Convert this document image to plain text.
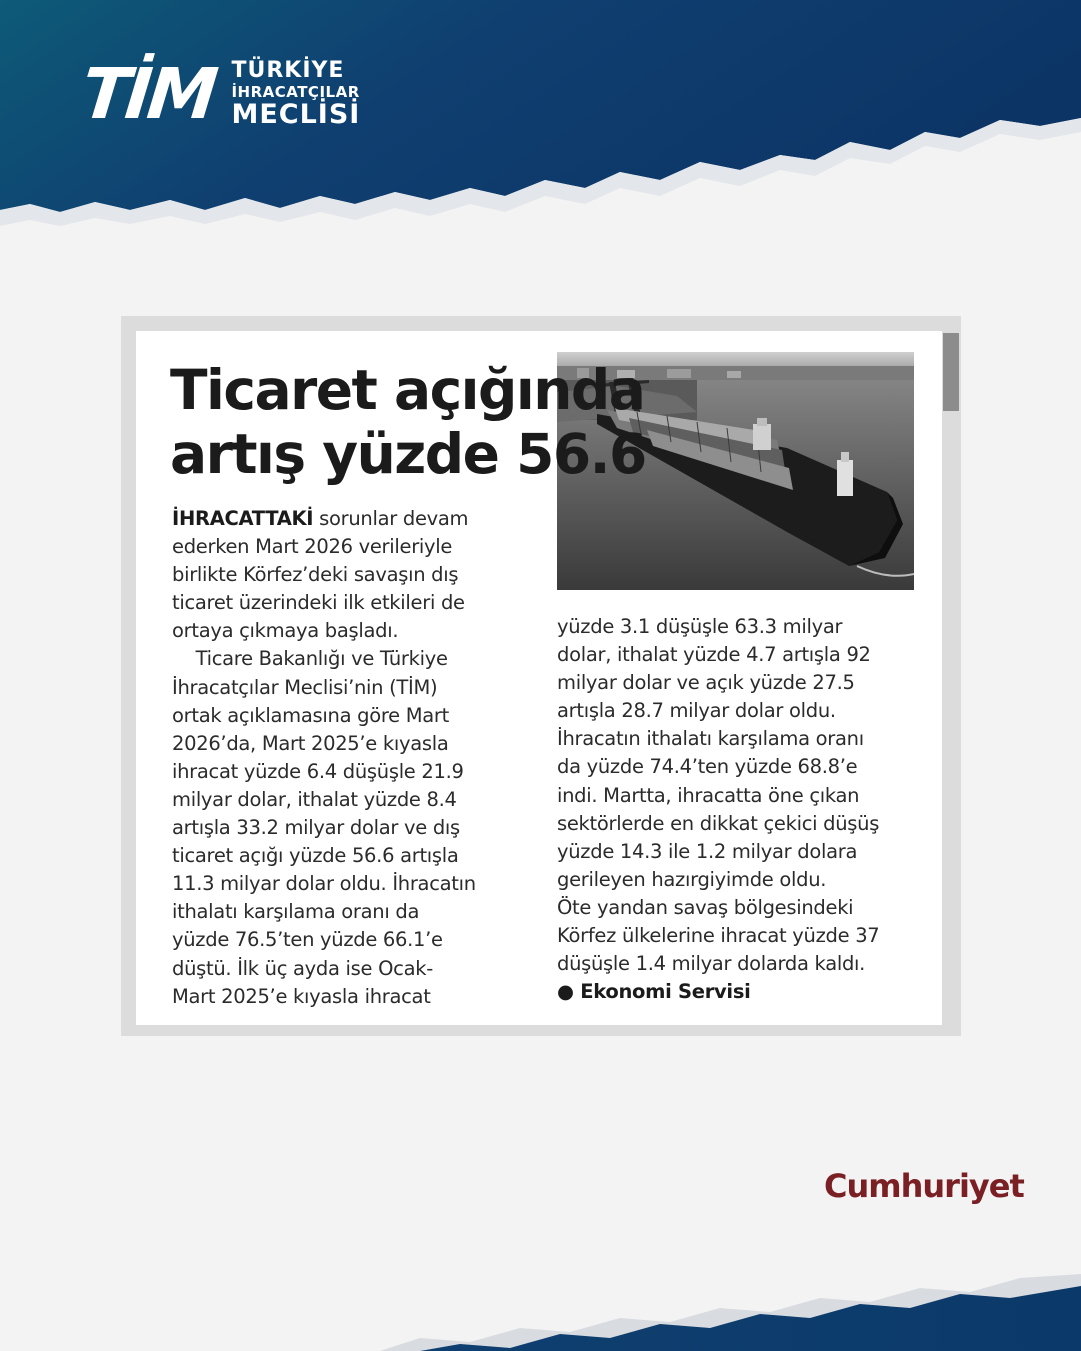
TİM TÜRKİYE
İHRACATÇILAR
MECLİSİ
Ticaret açığında
artış yüzde 56.6
İHRACATTAKİ sorunlar devam
ederken Mart 2026 verileriyle
birlikte Körfez’deki savaşın dış
ticaret üzerindeki ilk etkileri de
ortaya çıkmaya başladı.
Ticare Bakanlığı ve Türkiye
İhracatçılar Meclisi’nin (TİM)
ortak açıklamasına göre Mart
2026’da, Mart 2025’e kıyasla
ihracat yüzde 6.4 düşüşle 21.9
milyar dolar, ithalat yüzde 8.4
artışla 33.2 milyar dolar ve dış
ticaret açığı yüzde 56.6 artışla
11.3 milyar dolar oldu. İhracatın
ithalatı karşılama oranı da
yüzde 76.5’ten yüzde 66.1’e
düştü. İlk üç ayda ise Ocak-
Mart 2025’e kıyasla ihracat
yüzde 3.1 düşüşle 63.3 milyar
dolar, ithalat yüzde 4.7 artışla 92
milyar dolar ve açık yüzde 27.5
artışla 28.7 milyar dolar oldu.
İhracatın ithalatı karşılama oranı
da yüzde 74.4’ten yüzde 68.8’e
indi. Martta, ihracatta öne çıkan
sektörlerde en dikkat çekici düşüş
yüzde 14.3 ile 1.2 milyar dolara
gerileyen hazırgiyimde oldu.
Öte yandan savaş bölgesindeki
Körfez ülkelerine ihracat yüzde 37
düşüşle 1.4 milyar dolarda kaldı.
● Ekonomi Servisi
Cumhuriyet
